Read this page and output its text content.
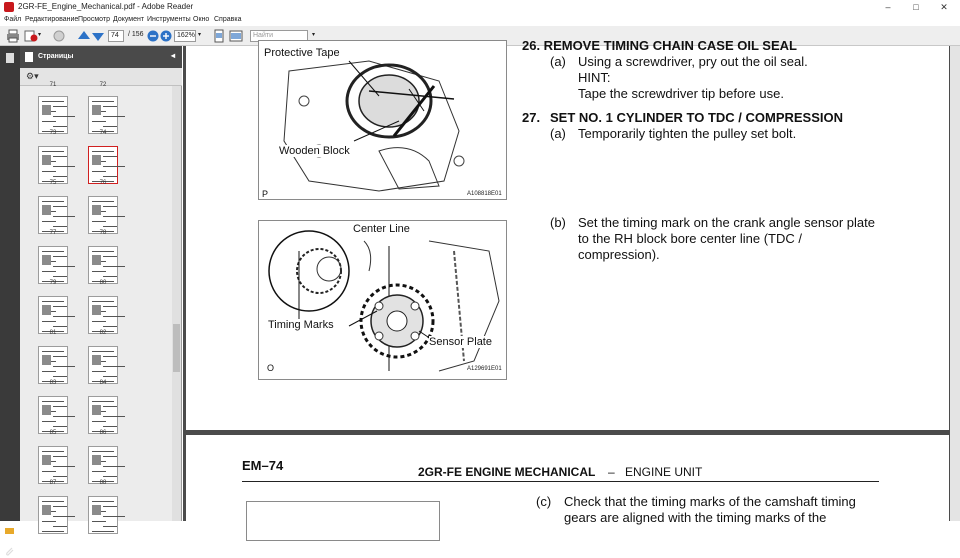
2GR-FE_Engine_Mechanical.pdf - Adobe Reader	–	□	✕
Файл Редактирование Просмотр Документ Инструменты Окно Справка
▾	74	/ 156	162% ▾	Найти	▾
Страницы	◂
⚙▾
71	72
73	74
75	76
77	78
79	80
81	82
83	84
85	86
87	88
Protective Tape
Wooden Block
P	A108818E01
Center Line
Timing Marks
Sensor Plate
O	A129691E01
26. REMOVE TIMING CHAIN CASE OIL SEAL
(a) Using a screwdriver, pry out the oil seal.
HINT:
Tape the screwdriver tip before use.
27. SET NO. 1 CYLINDER TO TDC / COMPRESSION
(a) Temporarily tighten the pulley set bolt.
(b) Set the timing mark on the crank angle sensor plate
to the RH block bore center line (TDC /
compression).
EM–74	2GR-FE ENGINE MECHANICAL – ENGINE UNIT
(c) Check that the timing marks of the camshaft timing
gears are aligned with the timing marks of the
